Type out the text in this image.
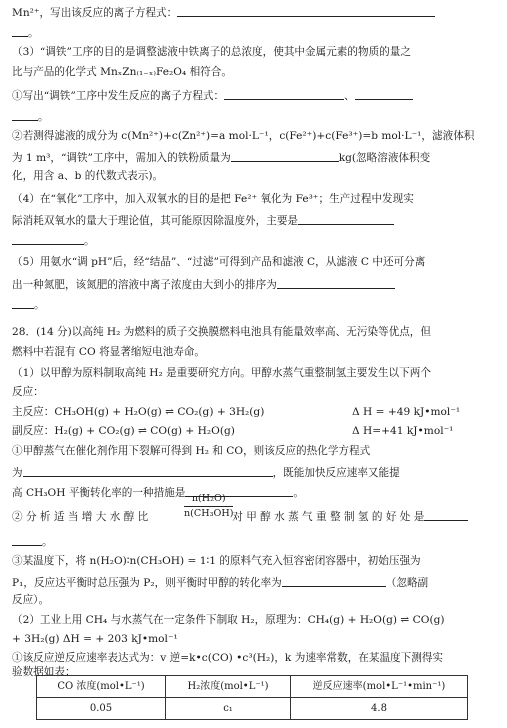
Mn²⁺，写出该反应的离子方程式：
。
（3）“调铁”工序的目的是调整滤液中铁离子的总浓度，使其中金属元素的物质的量之
比与产品的化学式 MnₓZn₍₁₋ₓ₎Fe₂O₄ 相符合。
①写出“调铁”工序中发生反应的离子方程式：	、
。
②若测得滤液的成分为 c(Mn²⁺)+c(Zn²⁺)=a mol·L⁻¹，c(Fe²⁺)+c(Fe³⁺)=b mol·L⁻¹，滤液体积
为 1 m³，“调铁”工序中，需加入的铁粉质量为	kg(忽略溶液体积变
化，用含 a、b 的代数式表示)。
（4）在“氧化”工序中，加入双氧水的目的是把 Fe²⁺ 氧化为 Fe³⁺；生产过程中发现实
际消耗双氧水的量大于理论值，其可能原因除温度外，主要是
。
（5）用氨水“调 pH”后，经“结晶”、“过滤”可得到产品和滤液 C，从滤液 C 中还可分离
出一种氮肥，该氮肥的溶液中离子浓度由大到小的排序为
。
28．(14 分)以高纯 H₂ 为燃料的质子交换膜燃料电池具有能量效率高、无污染等优点，但
燃料中若混有 CO 将显著缩短电池寿命。
（1）以甲醇为原料制取高纯 H₂ 是重要研究方向。甲醇水蒸气重整制氢主要发生以下两个
反应：
主反应：CH₃OH(g) + H₂O(g) ⇌ CO₂(g) + 3H₂(g)	Δ H = +49 kJ•mol⁻¹
副反应：H₂(g) + CO₂(g) ⇌ CO(g) + H₂O(g)	Δ H=+41 kJ•mol⁻¹
①甲醇蒸气在催化剂作用下裂解可得到 H₂ 和 CO，则该反应的热化学方程式
为	，既能加快反应速率又能提
高 CH₃OH 平衡转化率的一种措施是	。
② 分 析 适 当 增 大 水 醇 比	对 甲 醇 水 蒸 气 重 整 制 氢 的 好 处 是
$\frac{\text{n(H₂O)}}{\text{n(CH₃OH)}}$
。
③某温度下，将 n(H₂O)∶n(CH₃OH) = 1∶1 的原料气充入恒容密闭容器中，初始压强为
P₁，反应达平衡时总压强为 P₂，则平衡时甲醇的转化率为	（忽略副
反应）。
（2）工业上用 CH₄ 与水蒸气在一定条件下制取 H₂，原理为：CH₄(g) + H₂O(g) ⇌ CO(g)
+ 3H₂(g) ΔH = + 203 kJ•mol⁻¹
①该反应逆反应速率表达式为：v 逆=k•c(CO) •c³(H₂)，k 为速率常数，在某温度下测得实
验数据如表：
CO 浓度(mol•L⁻¹)	H₂浓度(mol•L⁻¹)	逆反应速率(mol•L⁻¹•min⁻¹)
0.05	c₁	4.8
